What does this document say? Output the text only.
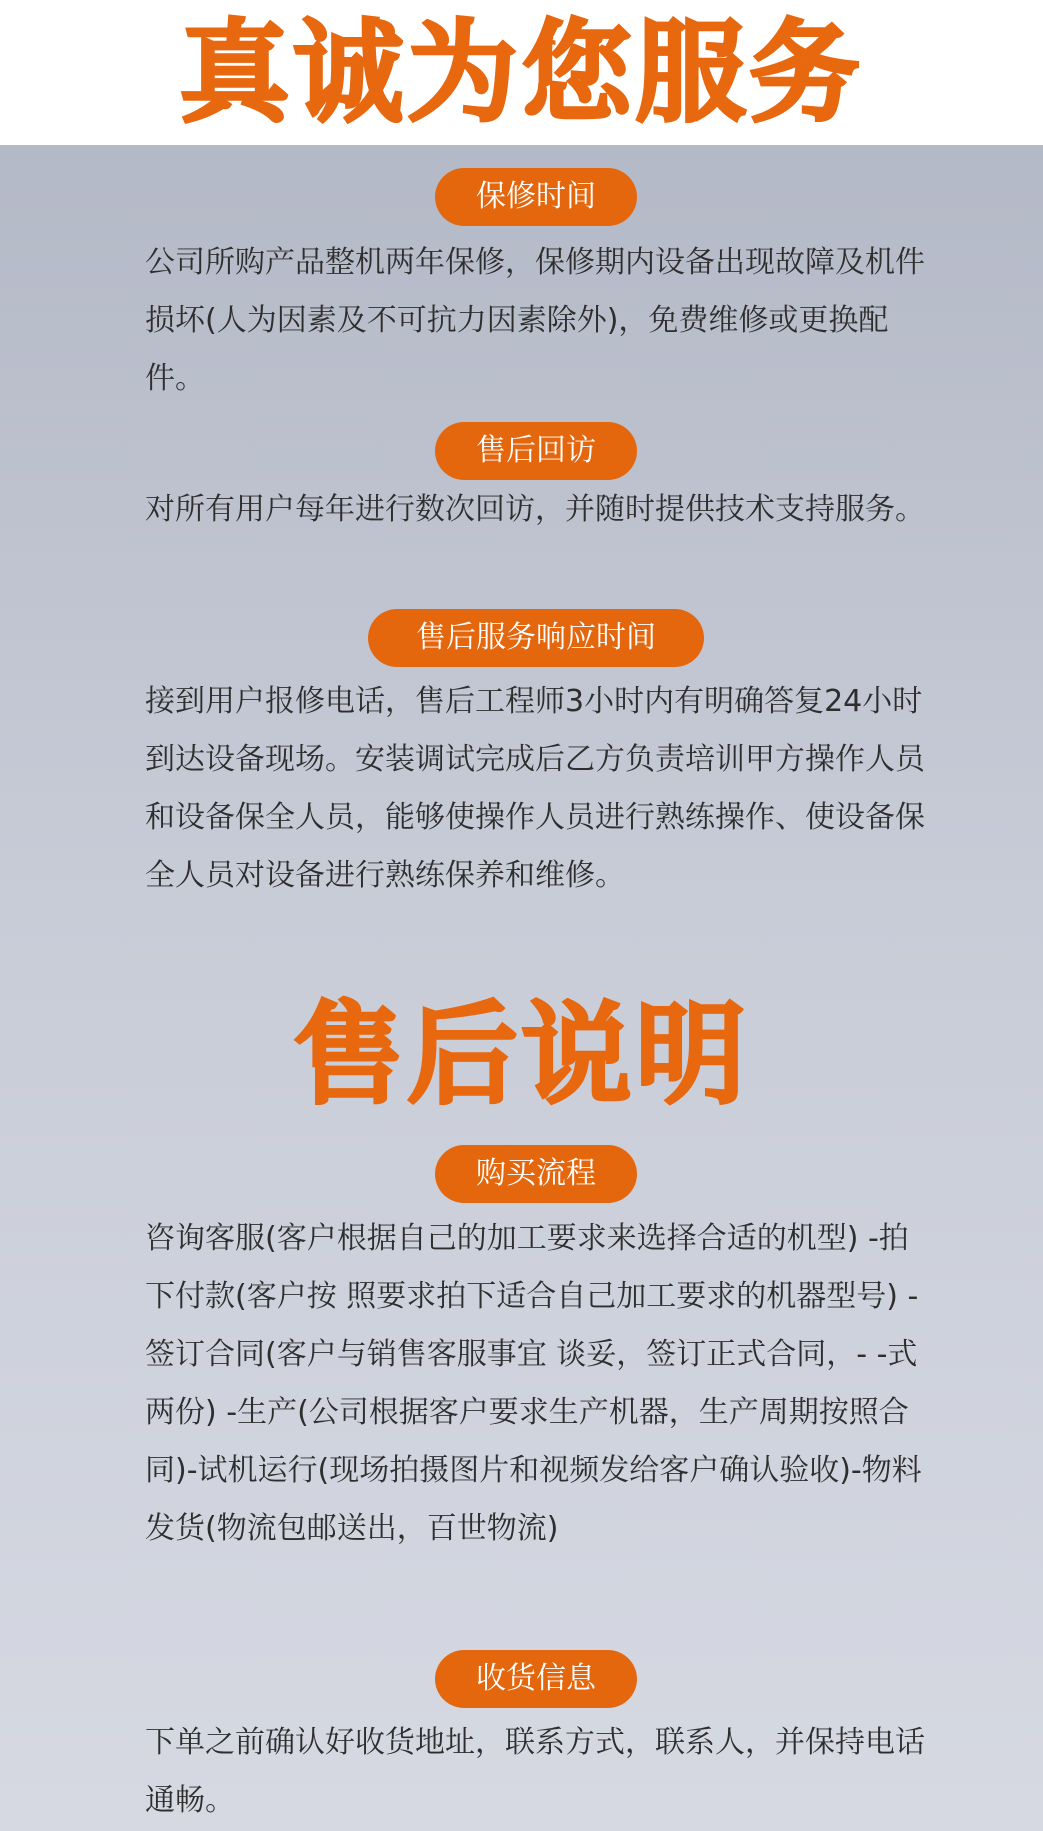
真诚为您服务
保修时间

公司所购产品整机两年保修，保修期内设备出现故障及机件损坏(人为因素及不可抗力因素除外)，免费维修或更换配件。

售后回访

对所有用户每年进行数次回访，并随时提供技术支持服务。

售后服务响应时间

接到用户报修电话，售后工程师3小时内有明确答复24小时到达设备现场。安装调试完成后乙方负责培训甲方操作人员和设备保全人员，能够使操作人员进行熟练操作、使设备保全人员对设备进行熟练保养和维修。

售后说明
购买流程

咨询客服(客户根据自己的加工要求来选择合适的机型) -拍下付款(客户按 照要求拍下适合自己加工要求的机器型号) -签订合同(客户与销售客服事宜 谈妥，签订正式合同，- -式两份) -生产(公司根据客户要求生产机器，生产周期按照合同)-试机运行(现场拍摄图片和视频发给客户确认验收)-物料发货(物流包邮送出，百世物流)

收货信息

下单之前确认好收货地址，联系方式，联系人，并保持电话通畅。
